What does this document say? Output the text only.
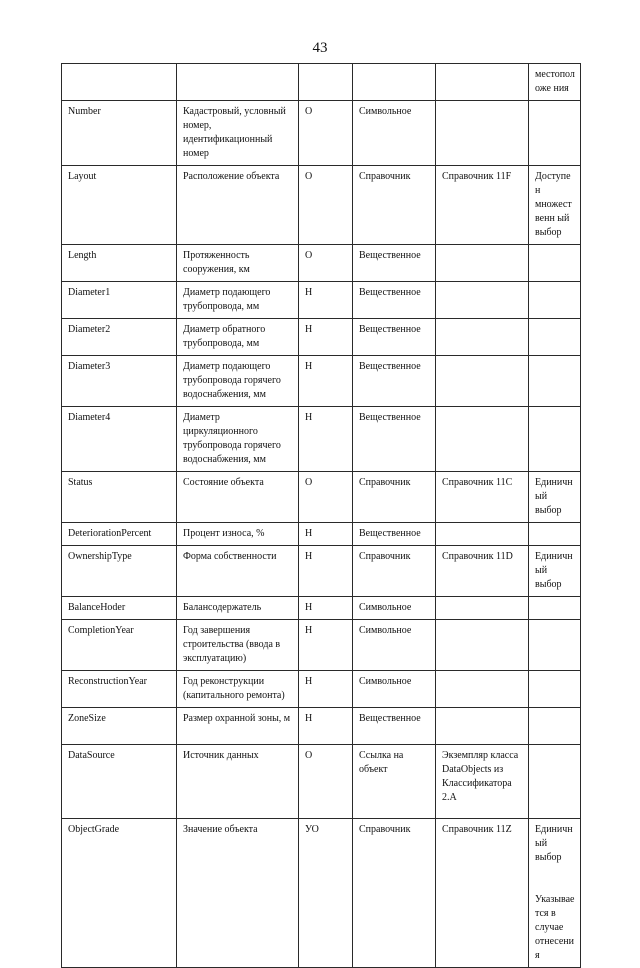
43
					местоположе ния
Number	Кадастровый, условный номер, идентификационный номер	О	Символьное		
Layout	Расположение объекта	О	Справочник	Справочник 11F	Доступен множественн ый выбор
Length	Протяженность сооружения, км	О	Вещественное		
Diameter1	Диаметр подающего трубопровода, мм	Н	Вещественное		
Diameter2	Диаметр обратного трубопровода, мм	Н	Вещественное		
Diameter3	Диаметр подающего трубопровода горячего водоснабжения, мм	Н	Вещественное		
Diameter4	Диаметр циркуляционного трубопровода горячего водоснабжения, мм	Н	Вещественное		
Status	Состояние объекта	О	Справочник	Справочник 11С	Единичный выбор
DeteriorationPercent	Процент износа, %	Н	Вещественное		
OwnershipType	Форма собственности	Н	Справочник	Справочник 11D	Единичный выбор
BalanceHoder	Балансодержатель	Н	Символьное		
CompletionYear	Год завершения строительства (ввода в эксплуатацию)	Н	Символьное		
ReconstructionYear	Год реконструкции (капитального ремонта)	Н	Символьное		
ZoneSize	Размер охранной зоны, м	Н	Вещественное		
DataSource	Источник данных	О	Ссылка на объект	Экземпляр класса DataObjects из Классификатора 2.А	
ObjectGrade	Значение объекта	УО	Справочник	Справочник 11Z	Единичный выбор
Указывается в случае отнесения
